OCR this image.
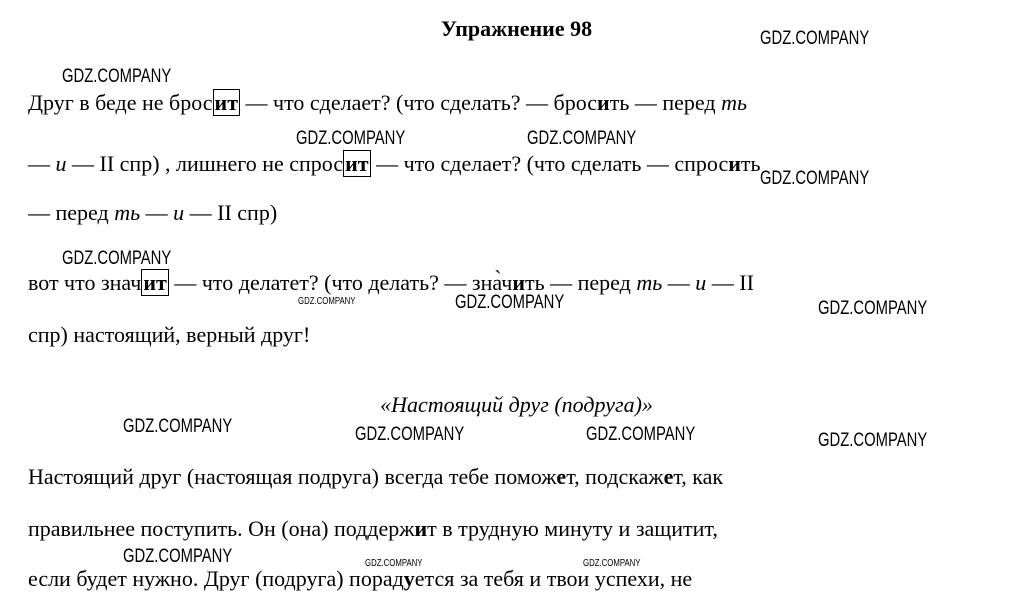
Упражнение 98
Друг в беде не бросит — что сделает? (что сделать? — бросить — перед ть
— и — II спр) , лишнего не спросит — что сделает? (что сделать — спросить
— перед ть — и — II спр)
вот что значит — что делатет? (что делать? — зна̀чить — перед ть — и — II
спр) настоящий, верный друг!
«Настоящий друг (подруга)»
Настоящий друг (настоящая подруга) всегда тебе поможет, подскажет, как
правильнее поступить. Он (она) поддержит в трудную минуту и защитит,
если будет нужно. Друг (подруга) порадуется за тебя и твои успехи, не
GDZ.COMPANY
GDZ.COMPANY
GDZ.COMPANY	GDZ.COMPANY
GDZ.COMPANY
GDZ.COMPANY
GDZ.COMPANY	GDZ.COMPANY	GDZ.COMPANY
GDZ.COMPANY	GDZ.COMPANY	GDZ.COMPANY	GDZ.COMPANY
GDZ.COMPANY	GDZ.COMPANY	GDZ.COMPANY
